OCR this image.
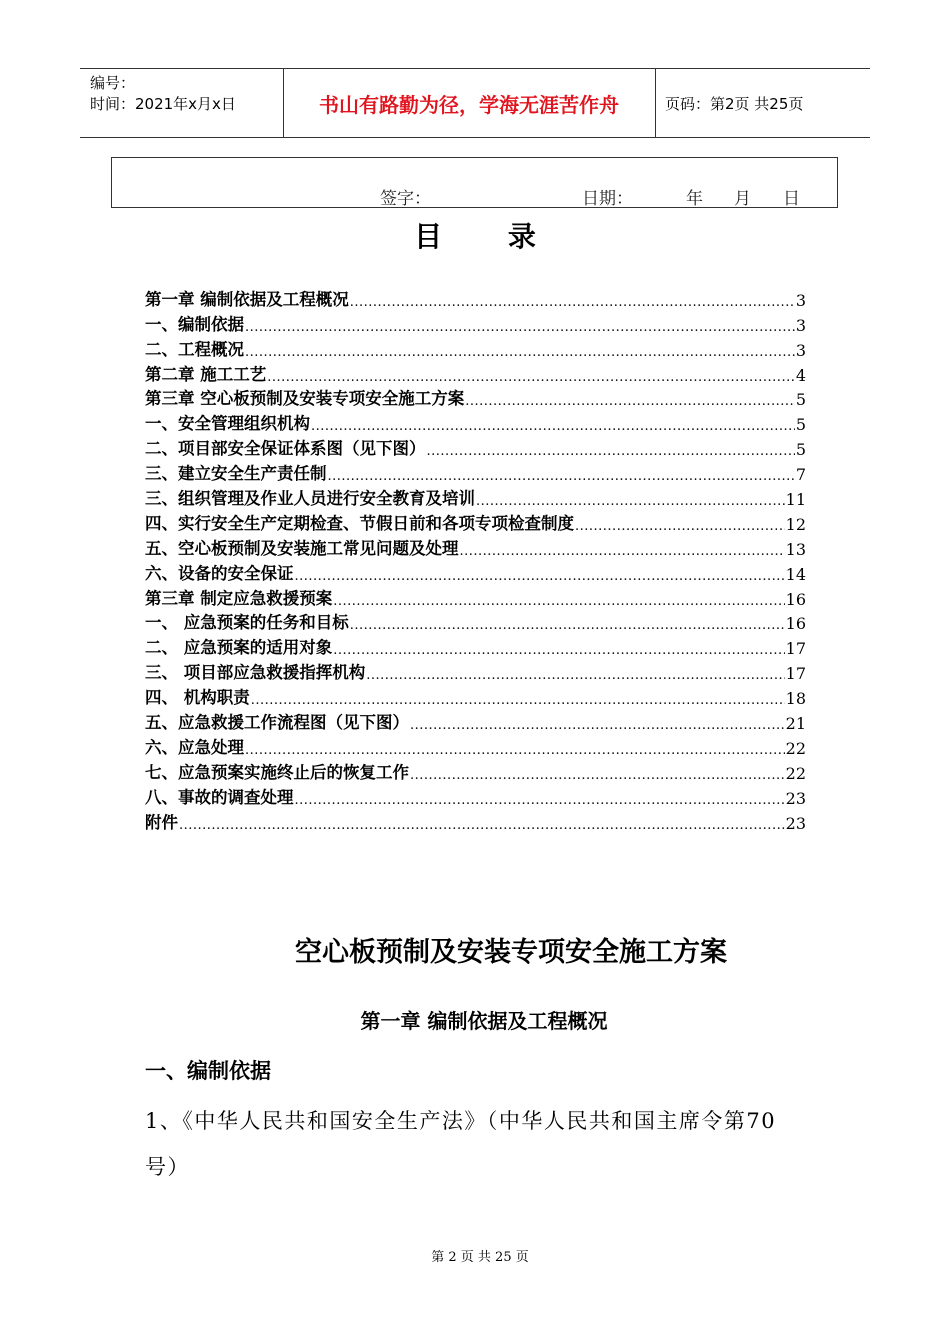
编号：
时间：2021年x月x日	书山有路勤为径，学海无涯苦作舟	页码：第2页 共25页
签字：	日期：	年 月 日
目 录
第一章 编制依据及工程概况 .....	3
一、编制依据 .....	3
二、工程概况 .....	3
第二章 施工工艺 .....	4
第三章 空心板预制及安装专项安全施工方案 .....	5
一、安全管理组织机构 .....	5
二、项目部安全保证体系图（见下图） .....	5
三、建立安全生产责任制 .....	7
三、组织管理及作业人员进行安全教育及培训 .....	11
四、实行安全生产定期检查、节假日前和各项专项检查制度 .....	12
五、空心板预制及安装施工常见问题及处理 .....	13
六、设备的安全保证 .....	14
第三章 制定应急救援预案 .....	16
一、 应急预案的任务和目标 .....	16
二、 应急预案的适用对象 .....	17
三、 项目部应急救援指挥机构 .....	17
四、 机构职责 .....	18
五、应急救援工作流程图（见下图） .....	21
六、应急处理 .....	22
七、应急预案实施终止后的恢复工作 .....	22
八、事故的调查处理 .....	23
附件 .....	23
空心板预制及安装专项安全施工方案
第一章 编制依据及工程概况
一、编制依据
1、《中华人民共和国安全生产法》（中华人民共和国主席令第70号）
第 2 页 共 25 页
